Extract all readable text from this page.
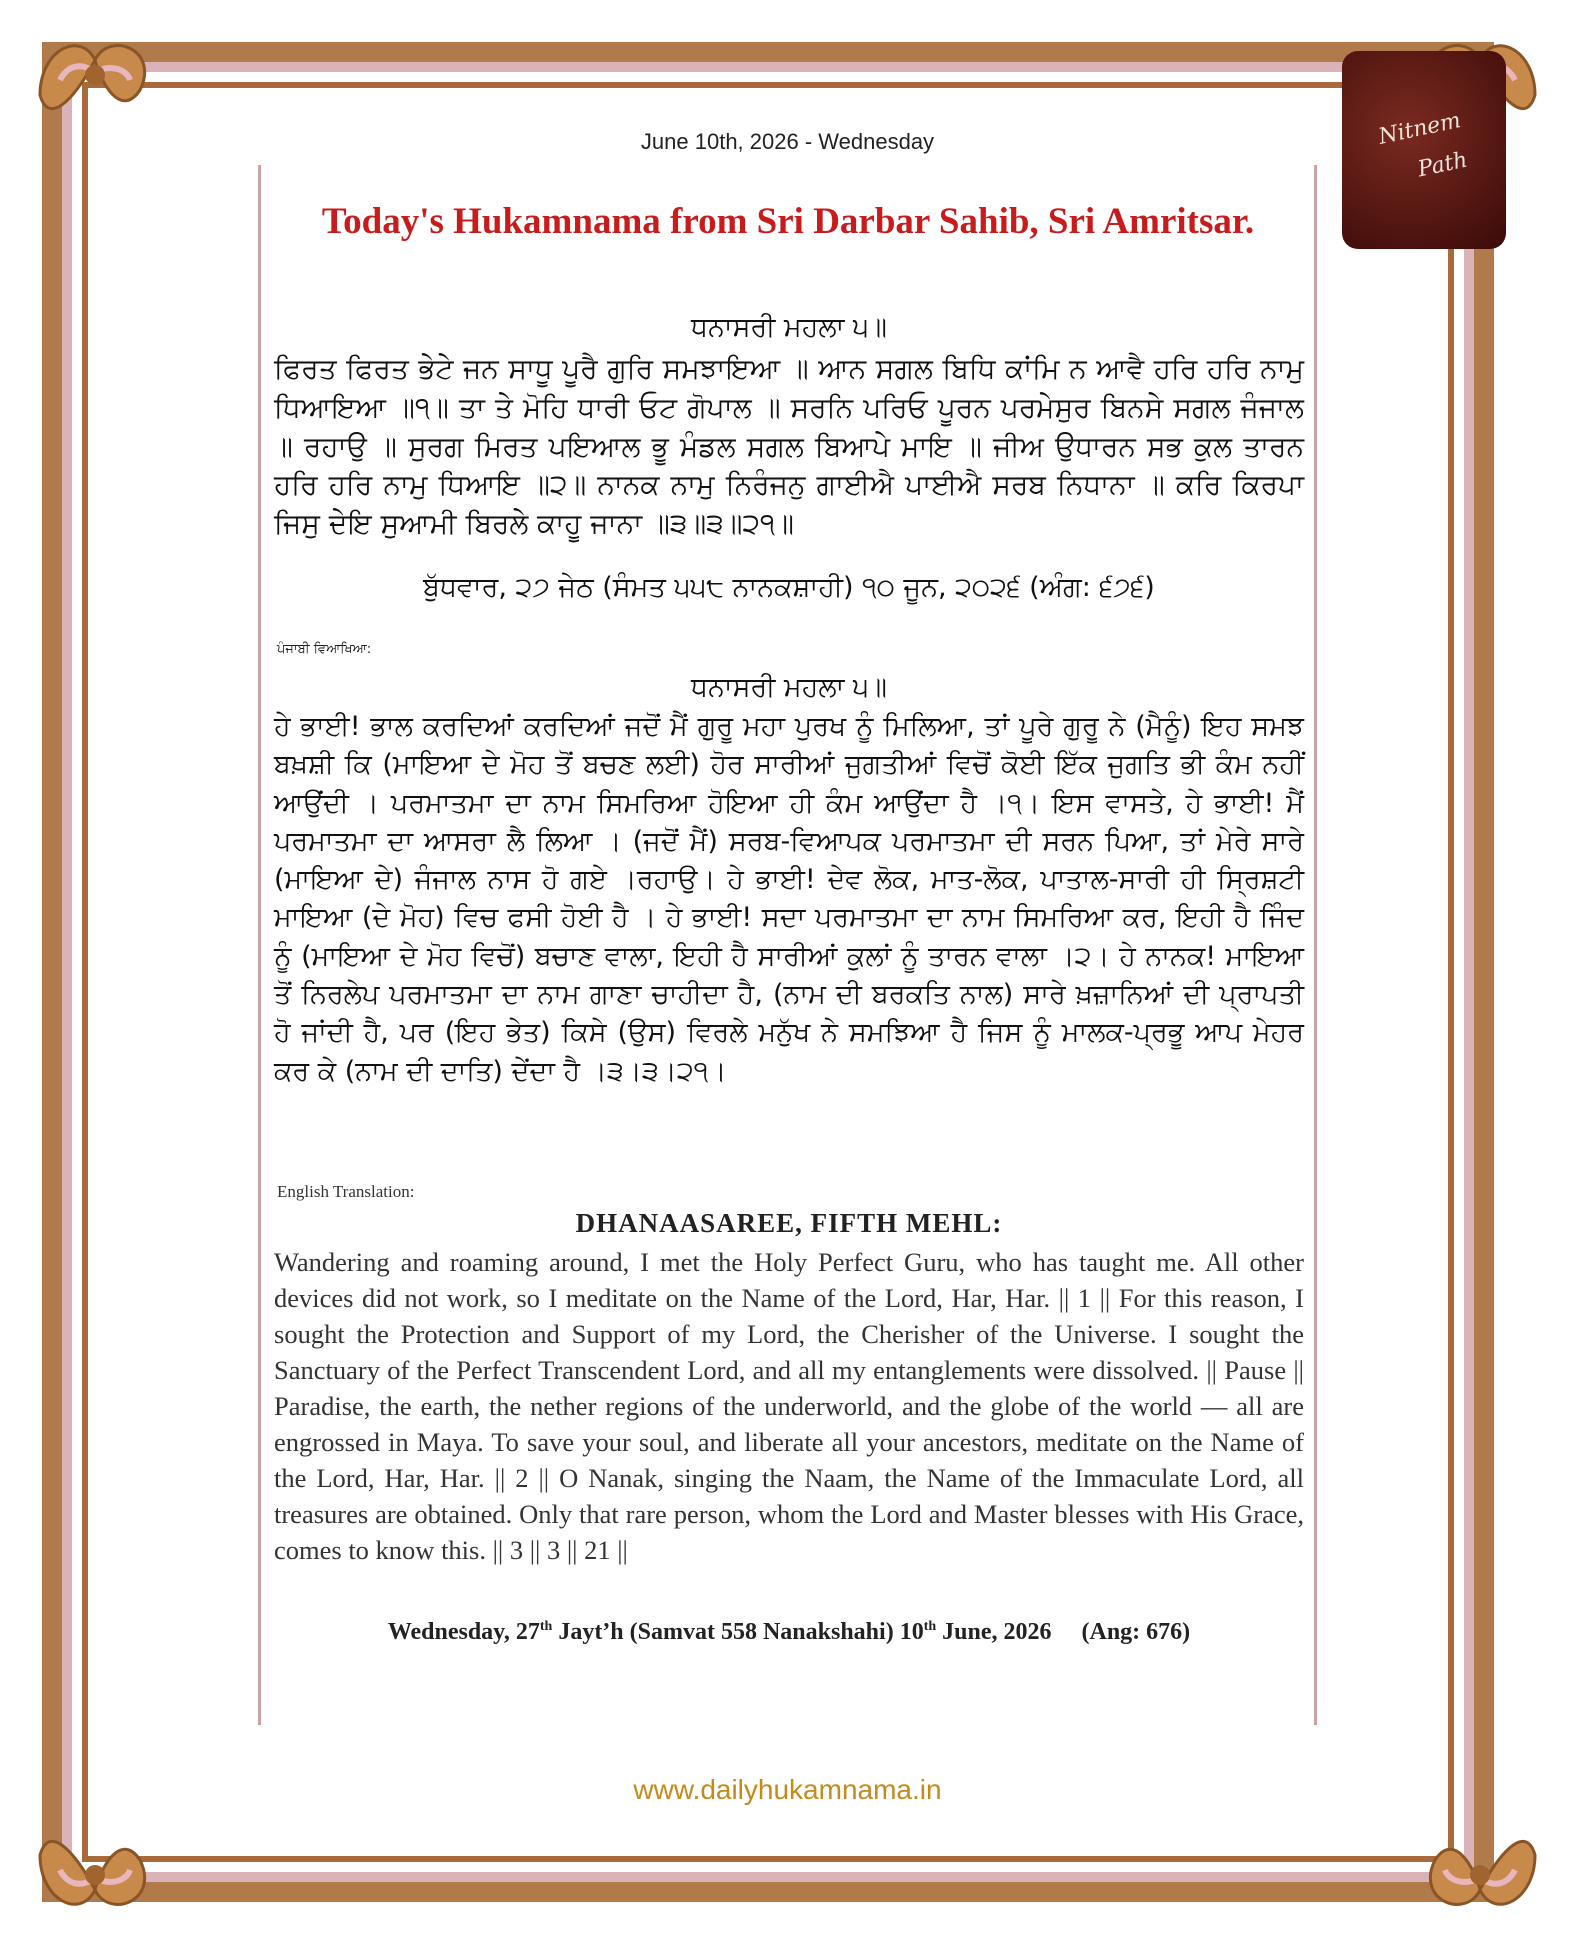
Nitnem
Path
June 10th, 2026 - Wednesday
Today's Hukamnama from Sri Darbar Sahib, Sri Amritsar.
ਧਨਾਸਰੀ ਮਹਲਾ ੫॥
ਫਿਰਤ ਫਿਰਤ ਭੇਟੇ ਜਨ ਸਾਧੂ ਪੂਰੈ ਗੁਰਿ ਸਮਝਾਇਆ ॥ ਆਨ ਸਗਲ ਬਿਧਿ ਕਾਂਮਿ ਨ ਆਵੈ ਹਰਿ ਹਰਿ ਨਾਮੁ ਧਿਆਇਆ ॥੧॥ ਤਾ ਤੇ ਮੋਹਿ ਧਾਰੀ ਓਟ ਗੋਪਾਲ ॥ ਸਰਨਿ ਪਰਿਓ ਪੂਰਨ ਪਰਮੇਸੁਰ ਬਿਨਸੇ ਸਗਲ ਜੰਜਾਲ ॥ ਰਹਾਉ ॥ ਸੁਰਗ ਮਿਰਤ ਪਇਆਲ ਭੂ ਮੰਡਲ ਸਗਲ ਬਿਆਪੇ ਮਾਇ ॥ ਜੀਅ ਉਧਾਰਨ ਸਭ ਕੁਲ ਤਾਰਨ ਹਰਿ ਹਰਿ ਨਾਮੁ ਧਿਆਇ ॥੨॥ ਨਾਨਕ ਨਾਮੁ ਨਿਰੰਜਨੁ ਗਾਈਐ ਪਾਈਐ ਸਰਬ ਨਿਧਾਨਾ ॥ ਕਰਿ ਕਿਰਪਾ ਜਿਸੁ ਦੇਇ ਸੁਆਮੀ ਬਿਰਲੇ ਕਾਹੂ ਜਾਨਾ ॥੩॥੩॥੨੧॥
ਬੁੱਧਵਾਰ, ੨੭ ਜੇਠ (ਸੰਮਤ ੫੫੮ ਨਾਨਕਸ਼ਾਹੀ) ੧੦ ਜੂਨ, ੨੦੨੬ (ਅੰਗ: ੬੭੬)
ਪੰਜਾਬੀ ਵਿਆਖਿਆ:
ਧਨਾਸਰੀ ਮਹਲਾ ੫॥
ਹੇ ਭਾਈ! ਭਾਲ ਕਰਦਿਆਂ ਕਰਦਿਆਂ ਜਦੋਂ ਮੈਂ ਗੁਰੂ ਮਹਾ ਪੁਰਖ ਨੂੰ ਮਿਲਿਆ, ਤਾਂ ਪੂਰੇ ਗੁਰੂ ਨੇ (ਮੈਨੂੰ) ਇਹ ਸਮਝ ਬਖ਼ਸ਼ੀ ਕਿ (ਮਾਇਆ ਦੇ ਮੋਹ ਤੋਂ ਬਚਣ ਲਈ) ਹੋਰ ਸਾਰੀਆਂ ਜੁਗਤੀਆਂ ਵਿਚੋਂ ਕੋਈ ਇੱਕ ਜੁਗਤਿ ਭੀ ਕੰਮ ਨਹੀਂ ਆਉਂਦੀ । ਪਰਮਾਤਮਾ ਦਾ ਨਾਮ ਸਿਮਰਿਆ ਹੋਇਆ ਹੀ ਕੰਮ ਆਉਂਦਾ ਹੈ ।੧। ਇਸ ਵਾਸਤੇ, ਹੇ ਭਾਈ! ਮੈਂ ਪਰਮਾਤਮਾ ਦਾ ਆਸਰਾ ਲੈ ਲਿਆ । (ਜਦੋਂ ਮੈਂ) ਸਰਬ-ਵਿਆਪਕ ਪਰਮਾਤਮਾ ਦੀ ਸਰਨ ਪਿਆ, ਤਾਂ ਮੇਰੇ ਸਾਰੇ (ਮਾਇਆ ਦੇ) ਜੰਜਾਲ ਨਾਸ ਹੋ ਗਏ ।ਰਹਾਉ। ਹੇ ਭਾਈ! ਦੇਵ ਲੋਕ, ਮਾਤ-ਲੋਕ, ਪਾਤਾਲ-ਸਾਰੀ ਹੀ ਸ੍ਰਿਸ਼ਟੀ ਮਾਇਆ (ਦੇ ਮੋਹ) ਵਿਚ ਫਸੀ ਹੋਈ ਹੈ । ਹੇ ਭਾਈ! ਸਦਾ ਪਰਮਾਤਮਾ ਦਾ ਨਾਮ ਸਿਮਰਿਆ ਕਰ, ਇਹੀ ਹੈ ਜਿੰਦ ਨੂੰ (ਮਾਇਆ ਦੇ ਮੋਹ ਵਿਚੋਂ) ਬਚਾਣ ਵਾਲਾ, ਇਹੀ ਹੈ ਸਾਰੀਆਂ ਕੁਲਾਂ ਨੂੰ ਤਾਰਨ ਵਾਲਾ ।੨। ਹੇ ਨਾਨਕ! ਮਾਇਆ ਤੋਂ ਨਿਰਲੇਪ ਪਰਮਾਤਮਾ ਦਾ ਨਾਮ ਗਾਣਾ ਚਾਹੀਦਾ ਹੈ, (ਨਾਮ ਦੀ ਬਰਕਤਿ ਨਾਲ) ਸਾਰੇ ਖ਼ਜ਼ਾਨਿਆਂ ਦੀ ਪ੍ਰਾਪਤੀ ਹੋ ਜਾਂਦੀ ਹੈ, ਪਰ (ਇਹ ਭੇਤ) ਕਿਸੇ (ਉਸ) ਵਿਰਲੇ ਮਨੁੱਖ ਨੇ ਸਮਝਿਆ ਹੈ ਜਿਸ ਨੂੰ ਮਾਲਕ-ਪ੍ਰਭੂ ਆਪ ਮੇਹਰ ਕਰ ਕੇ (ਨਾਮ ਦੀ ਦਾਤਿ) ਦੇਂਦਾ ਹੈ ।੩।੩।੨੧।
English Translation:
DHANAASAREE, FIFTH MEHL:
Wandering and roaming around, I met the Holy Perfect Guru, who has taught me. All other devices did not work, so I meditate on the Name of the Lord, Har, Har. || 1 || For this reason, I sought the Protection and Support of my Lord, the Cherisher of the Universe. I sought the Sanctuary of the Perfect Transcendent Lord, and all my entanglements were dissolved. || Pause || Paradise, the earth, the nether regions of the underworld, and the globe of the world — all are engrossed in Maya. To save your soul, and liberate all your ancestors, meditate on the Name of the Lord, Har, Har. || 2 || O Nanak, singing the Naam, the Name of the Immaculate Lord, all treasures are obtained. Only that rare person, whom the Lord and Master blesses with His Grace, comes to know this. || 3 || 3 || 21 ||
Wednesday, 27th Jayt’h (Samvat 558 Nanakshahi) 10th June, 2026     (Ang: 676)
www.dailyhukamnama.in
